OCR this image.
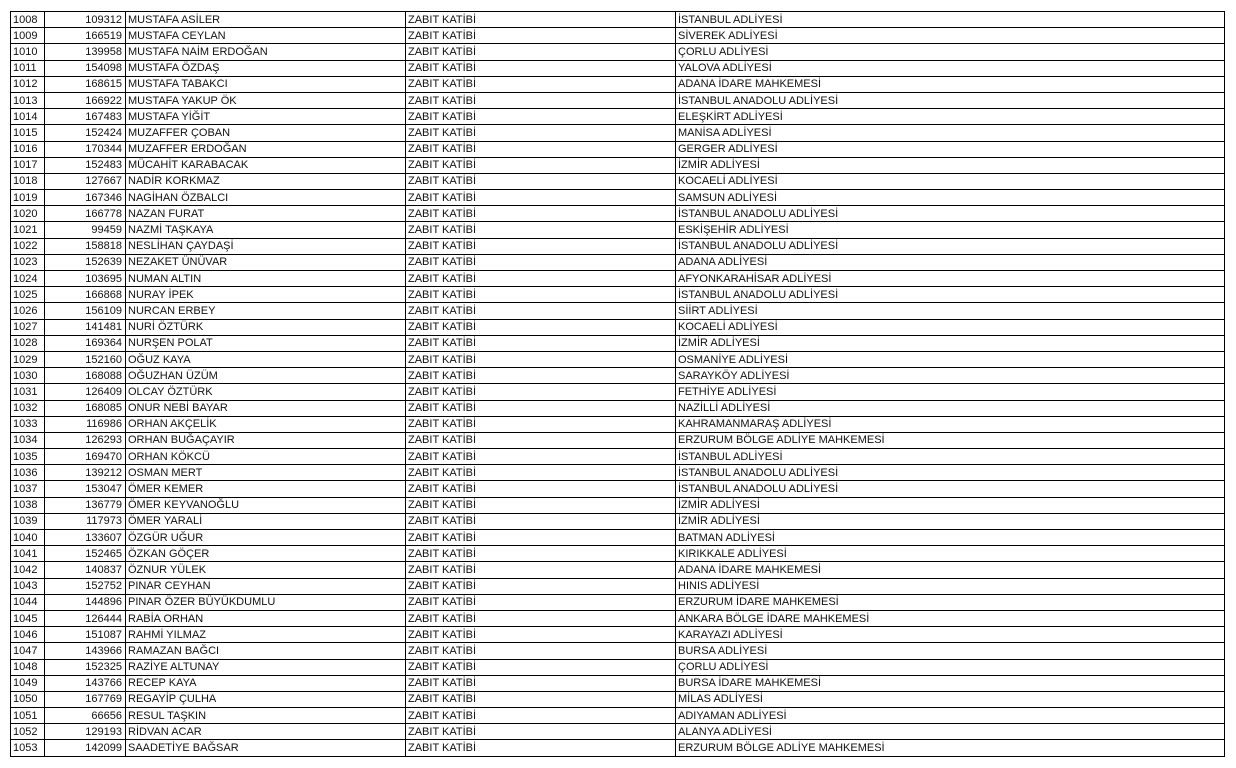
1008	109312	MUSTAFA ASİLER	ZABIT KATİBİ	İSTANBUL ADLİYESİ
1009	166519	MUSTAFA CEYLAN	ZABIT KATİBİ	SİVEREK ADLİYESİ
1010	139958	MUSTAFA NAİM ERDOĞAN	ZABIT KATİBİ	ÇORLU ADLİYESİ
1011	154098	MUSTAFA ÖZDAŞ	ZABIT KATİBİ	YALOVA ADLİYESİ
1012	168615	MUSTAFA TABAKCI	ZABIT KATİBİ	ADANA İDARE MAHKEMESİ
1013	166922	MUSTAFA YAKUP ÖK	ZABIT KATİBİ	İSTANBUL ANADOLU ADLİYESİ
1014	167483	MUSTAFA YİĞİT	ZABIT KATİBİ	ELEŞKİRT ADLİYESİ
1015	152424	MUZAFFER ÇOBAN	ZABIT KATİBİ	MANİSA ADLİYESİ
1016	170344	MUZAFFER ERDOĞAN	ZABIT KATİBİ	GERGER ADLİYESİ
1017	152483	MÜCAHİT KARABACAK	ZABIT KATİBİ	İZMİR ADLİYESİ
1018	127667	NADİR KORKMAZ	ZABIT KATİBİ	KOCAELİ ADLİYESİ
1019	167346	NAGİHAN ÖZBALCI	ZABIT KATİBİ	SAMSUN ADLİYESİ
1020	166778	NAZAN FURAT	ZABIT KATİBİ	İSTANBUL ANADOLU ADLİYESİ
1021	99459	NAZMİ TAŞKAYA	ZABIT KATİBİ	ESKİŞEHİR ADLİYESİ
1022	158818	NESLİHAN ÇAYDAŞİ	ZABIT KATİBİ	İSTANBUL ANADOLU ADLİYESİ
1023	152639	NEZAKET ÜNÜVAR	ZABIT KATİBİ	ADANA ADLİYESİ
1024	103695	NUMAN ALTIN	ZABIT KATİBİ	AFYONKARAHİSAR ADLİYESİ
1025	166868	NURAY İPEK	ZABIT KATİBİ	İSTANBUL ANADOLU ADLİYESİ
1026	156109	NURCAN ERBEY	ZABIT KATİBİ	SİİRT ADLİYESİ
1027	141481	NURİ ÖZTÜRK	ZABIT KATİBİ	KOCAELİ ADLİYESİ
1028	169364	NURŞEN POLAT	ZABIT KATİBİ	İZMİR ADLİYESİ
1029	152160	OĞUZ KAYA	ZABIT KATİBİ	OSMANİYE ADLİYESİ
1030	168088	OĞUZHAN ÜZÜM	ZABIT KATİBİ	SARAYKÖY ADLİYESİ
1031	126409	OLCAY ÖZTÜRK	ZABIT KATİBİ	FETHİYE ADLİYESİ
1032	168085	ONUR NEBİ BAYAR	ZABIT KATİBİ	NAZİLLİ ADLİYESİ
1033	116986	ORHAN AKÇELİK	ZABIT KATİBİ	KAHRAMANMARAŞ ADLİYESİ
1034	126293	ORHAN BUĞAÇAYIR	ZABIT KATİBİ	ERZURUM BÖLGE ADLİYE MAHKEMESİ
1035	169470	ORHAN KÖKCÜ	ZABIT KATİBİ	İSTANBUL ADLİYESİ
1036	139212	OSMAN MERT	ZABIT KATİBİ	İSTANBUL ANADOLU ADLİYESİ
1037	153047	ÖMER KEMER	ZABIT KATİBİ	İSTANBUL ANADOLU ADLİYESİ
1038	136779	ÖMER KEYVANOĞLU	ZABIT KATİBİ	İZMİR ADLİYESİ
1039	117973	ÖMER YARALİ	ZABIT KATİBİ	İZMİR ADLİYESİ
1040	133607	ÖZGÜR UĞUR	ZABIT KATİBİ	BATMAN ADLİYESİ
1041	152465	ÖZKAN GÖÇER	ZABIT KATİBİ	KIRIKKALE ADLİYESİ
1042	140837	ÖZNUR YÜLEK	ZABIT KATİBİ	ADANA İDARE MAHKEMESİ
1043	152752	PINAR CEYHAN	ZABIT KATİBİ	HINIS ADLİYESİ
1044	144896	PINAR ÖZER BÜYÜKDUMLU	ZABIT KATİBİ	ERZURUM İDARE MAHKEMESİ
1045	126444	RABİA ORHAN	ZABIT KATİBİ	ANKARA BÖLGE İDARE MAHKEMESİ
1046	151087	RAHMİ YILMAZ	ZABIT KATİBİ	KARAYAZI ADLİYESİ
1047	143966	RAMAZAN BAĞCI	ZABIT KATİBİ	BURSA ADLİYESİ
1048	152325	RAZİYE ALTUNAY	ZABIT KATİBİ	ÇORLU ADLİYESİ
1049	143766	RECEP KAYA	ZABIT KATİBİ	BURSA İDARE MAHKEMESİ
1050	167769	REGAYİP ÇULHA	ZABIT KATİBİ	MİLAS ADLİYESİ
1051	66656	RESUL TAŞKIN	ZABIT KATİBİ	ADIYAMAN ADLİYESİ
1052	129193	RİDVAN ACAR	ZABIT KATİBİ	ALANYA ADLİYESİ
1053	142099	SAADETİYE BAĞSAR	ZABIT KATİBİ	ERZURUM BÖLGE ADLİYE MAHKEMESİ
